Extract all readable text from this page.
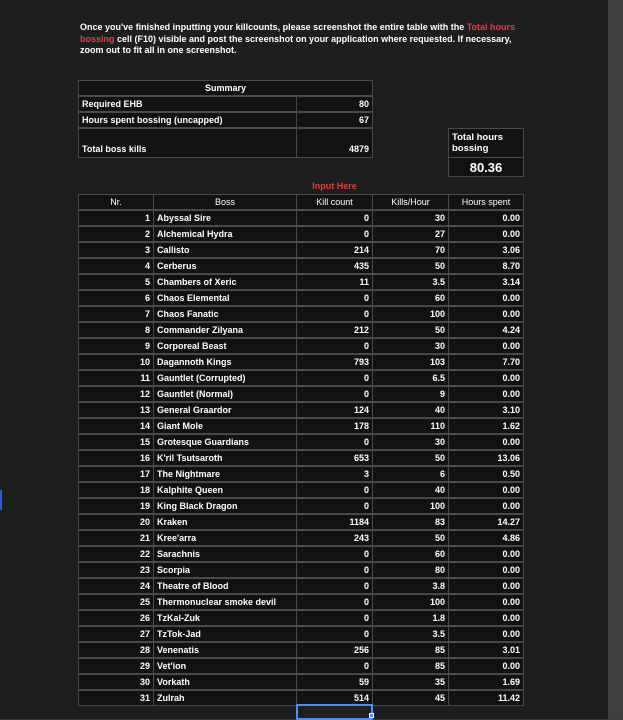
Once you've finished inputting your killcounts, please screenshot the entire table with the Total hours bossing cell (F10) visible and post the screenshot on your application where requested. If necessary, zoom out to fit all in one screenshot.
Summary
Required EHB	80
Hours spent bossing (uncapped)	67
Total boss kills	4879
Total hours bossing
80.36
Input Here
Nr.	Boss	Kill count	Kills/Hour	Hours spent
1 Abyssal Sire	0	30	0.00
2 Alchemical Hydra	0	27	0.00
3 Callisto	214	70	3.06
4 Cerberus	435	50	8.70
5 Chambers of Xeric	11	3.5	3.14
6 Chaos Elemental	0	60	0.00
7 Chaos Fanatic	0	100	0.00
8 Commander Zilyana	212	50	4.24
9 Corporeal Beast	0	30	0.00
10 Dagannoth Kings	793	103	7.70
11 Gauntlet (Corrupted)	0	6.5	0.00
12 Gauntlet (Normal)	0	9	0.00
13 General Graardor	124	40	3.10
14 Giant Mole	178	110	1.62
15 Grotesque Guardians	0	30	0.00
16 K'ril Tsutsaroth	653	50	13.06
17 The Nightmare	3	6	0.50
18 Kalphite Queen	0	40	0.00
19 King Black Dragon	0	100	0.00
20 Kraken	1184	83	14.27
21 Kree'arra	243	50	4.86
22 Sarachnis	0	60	0.00
23 Scorpia	0	80	0.00
24 Theatre of Blood	0	3.8	0.00
25 Thermonuclear smoke devil	0	100	0.00
26 TzKal-Zuk	0	1.8	0.00
27 TzTok-Jad	0	3.5	0.00
28 Venenatis	256	85	3.01
29 Vet'ion	0	85	0.00
30 Vorkath	59	35	1.69
31 Zulrah	514	45	11.42
